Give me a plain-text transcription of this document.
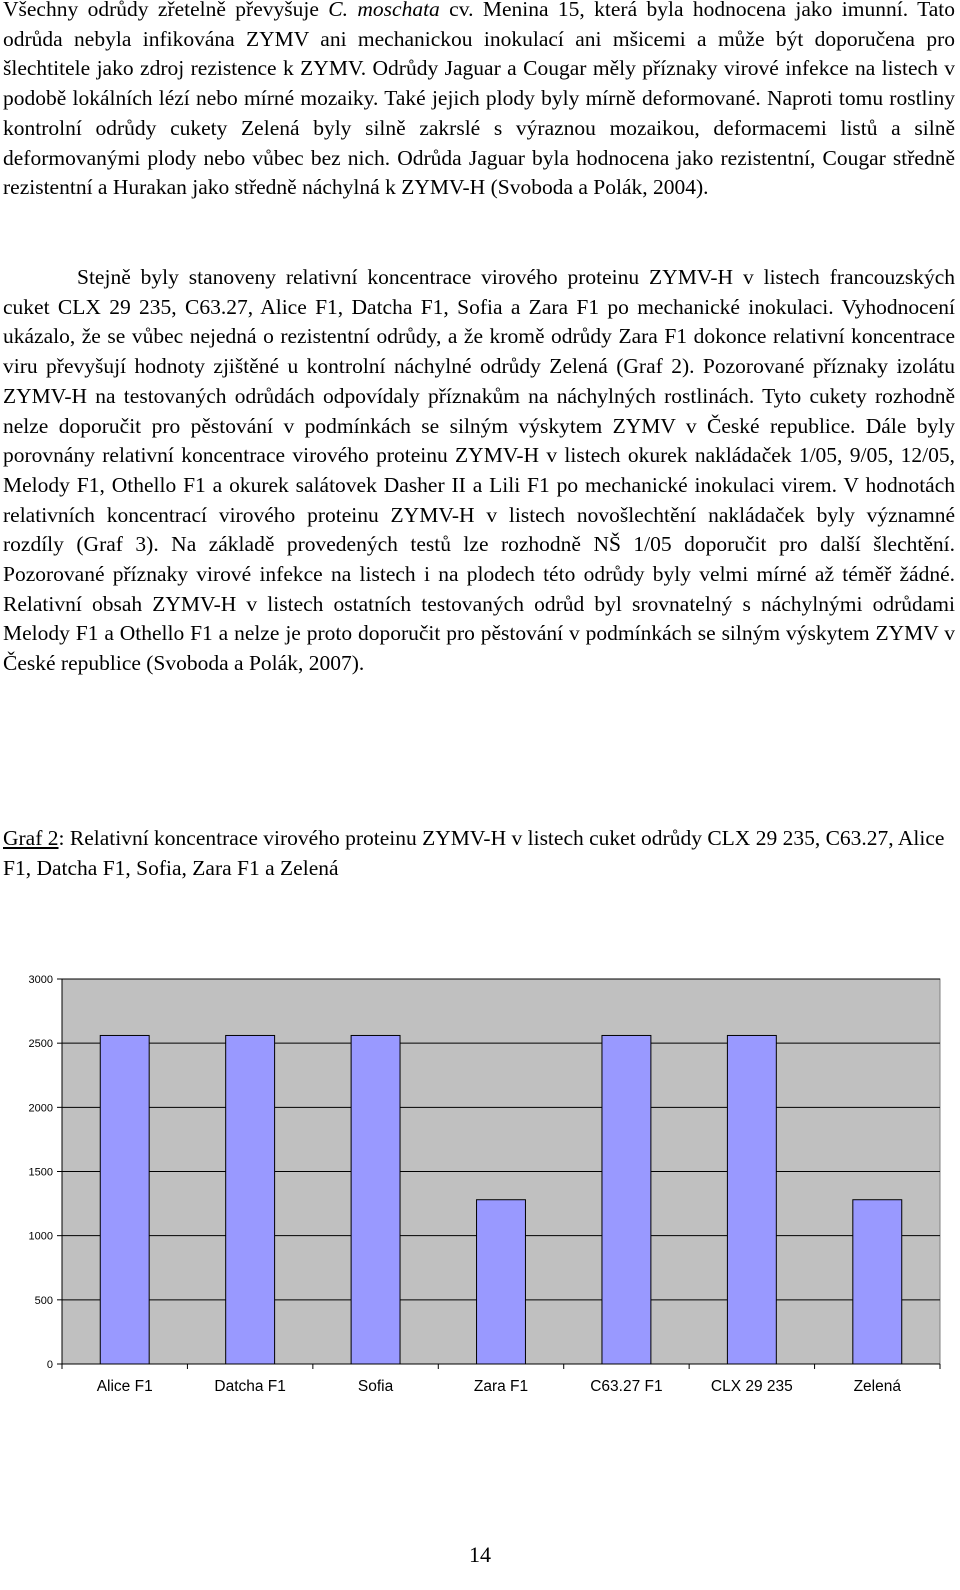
Všechny odrůdy zřetelně převyšuje C. moschata cv. Menina 15, která byla hodnocena jako imunní. Tato odrůda nebyla infikována ZYMV ani mechanickou inokulací ani mšicemi a může být doporučena pro šlechtitele jako zdroj rezistence k ZYMV. Odrůdy Jaguar a Cougar měly příznaky virové infekce na listech v podobě lokálních lézí nebo mírné mozaiky. Také jejich plody byly mírně deformované. Naproti tomu rostliny kontrolní odrůdy cukety Zelená byly silně zakrslé s výraznou mozaikou, deformacemi listů a silně deformovanými plody nebo vůbec bez nich. Odrůda Jaguar byla hodnocena jako rezistentní, Cougar středně rezistentní a Hurakan jako středně náchylná k ZYMV-H (Svoboda a Polák, 2004).

Stejně byly stanoveny relativní koncentrace virového proteinu ZYMV-H v listech francouzských cuket CLX 29 235, C63.27, Alice F1, Datcha F1, Sofia a Zara F1 po mechanické inokulaci. Vyhodnocení ukázalo, že se vůbec nejedná o rezistentní odrůdy, a že kromě odrůdy Zara F1 dokonce relativní koncentrace viru převyšují hodnoty zjištěné u kontrolní náchylné odrůdy Zelená (Graf 2). Pozorované příznaky izolátu ZYMV-H na testovaných odrůdách odpovídaly příznakům na náchylných rostlinách. Tyto cukety rozhodně nelze doporučit pro pěstování v podmínkách se silným výskytem ZYMV v České republice. Dále byly porovnány relativní koncentrace virového proteinu ZYMV-H v listech okurek nakládaček 1/05, 9/05, 12/05, Melody F1, Othello F1 a okurek salátovek Dasher II a Lili F1 po mechanické inokulaci virem. V hodnotách relativních koncentrací virového proteinu ZYMV-H v listech novošlechtění nakládaček byly významné rozdíly (Graf 3). Na základě provedených testů lze rozhodně NŠ 1/05 doporučit pro další šlechtění. Pozorované příznaky virové infekce na listech i na plodech této odrůdy byly velmi mírné až téměř žádné. Relativní obsah ZYMV-H v listech ostatních testovaných odrůd byl srovnatelný s náchylnými odrůdami Melody F1 a Othello F1 a nelze je proto doporučit pro pěstování v podmínkách se silným výskytem ZYMV v České republice (Svoboda a Polák, 2007).

Graf 2: Relativní koncentrace virového proteinu ZYMV-H v listech cuket odrůdy CLX 29 235, C63.27, Alice F1, Datcha F1, Sofia, Zara F1 a Zelená

0
500
1000
1500
2000
2500
3000
Alice F1	Datcha F1	Sofia	Zara F1	C63.27 F1	CLX 29 235	Zelená
14
